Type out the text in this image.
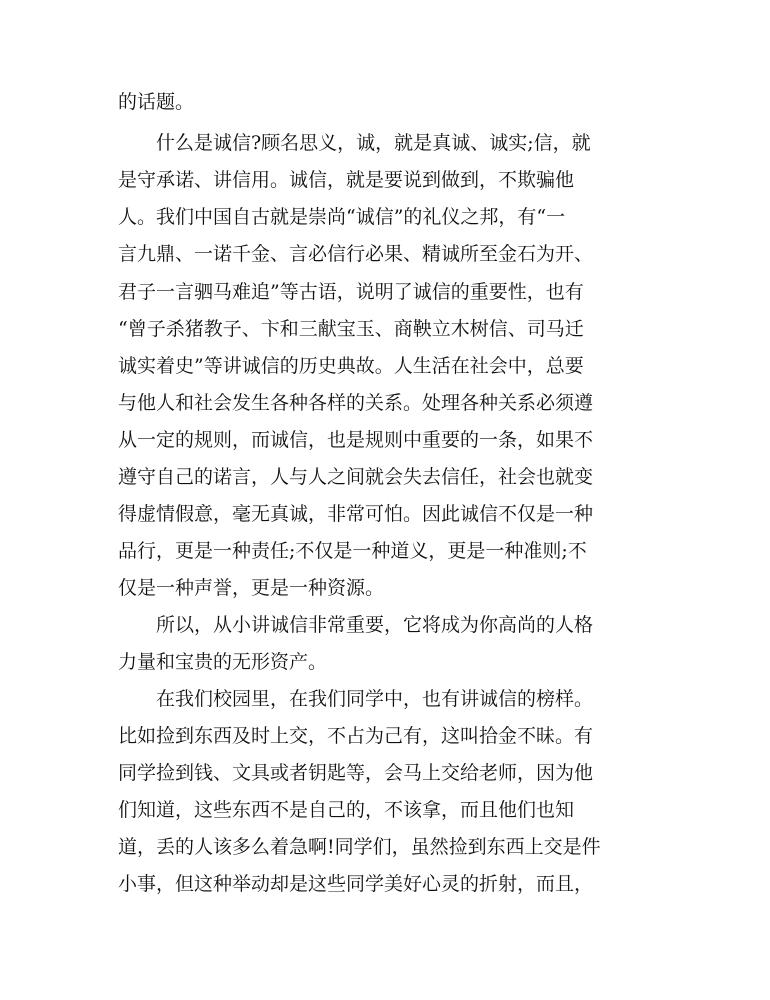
的话题。

　　什么是诚信?顾名思义，诚，就是真诚、诚实;信，就

是守承诺、讲信用。诚信，就是要说到做到，不欺骗他

人。我们中国自古就是崇尚“诚信”的礼仪之邦，有“一

言九鼎、一诺千金、言必信行必果、精诚所至金石为开、

君子一言驷马难追”等古语，说明了诚信的重要性，也有

“曾子杀猪教子、卞和三献宝玉、商鞅立木树信、司马迁

诚实着史”等讲诚信的历史典故。人生活在社会中，总要

与他人和社会发生各种各样的关系。处理各种关系必须遵

从一定的规则，而诚信，也是规则中重要的一条，如果不

遵守自己的诺言，人与人之间就会失去信任，社会也就变

得虚情假意，毫无真诚，非常可怕。因此诚信不仅是一种

品行，更是一种责任;不仅是一种道义，更是一种准则;不

仅是一种声誉，更是一种资源。

　　所以，从小讲诚信非常重要，它将成为你高尚的人格

力量和宝贵的无形资产。

　　在我们校园里，在我们同学中，也有讲诚信的榜样。

比如捡到东西及时上交，不占为己有，这叫拾金不昧。有

同学捡到钱、文具或者钥匙等，会马上交给老师，因为他

们知道，这些东西不是自己的，不该拿，而且他们也知

道，丢的人该多么着急啊!同学们，虽然捡到东西上交是件

小事，但这种举动却是这些同学美好心灵的折射，而且，
